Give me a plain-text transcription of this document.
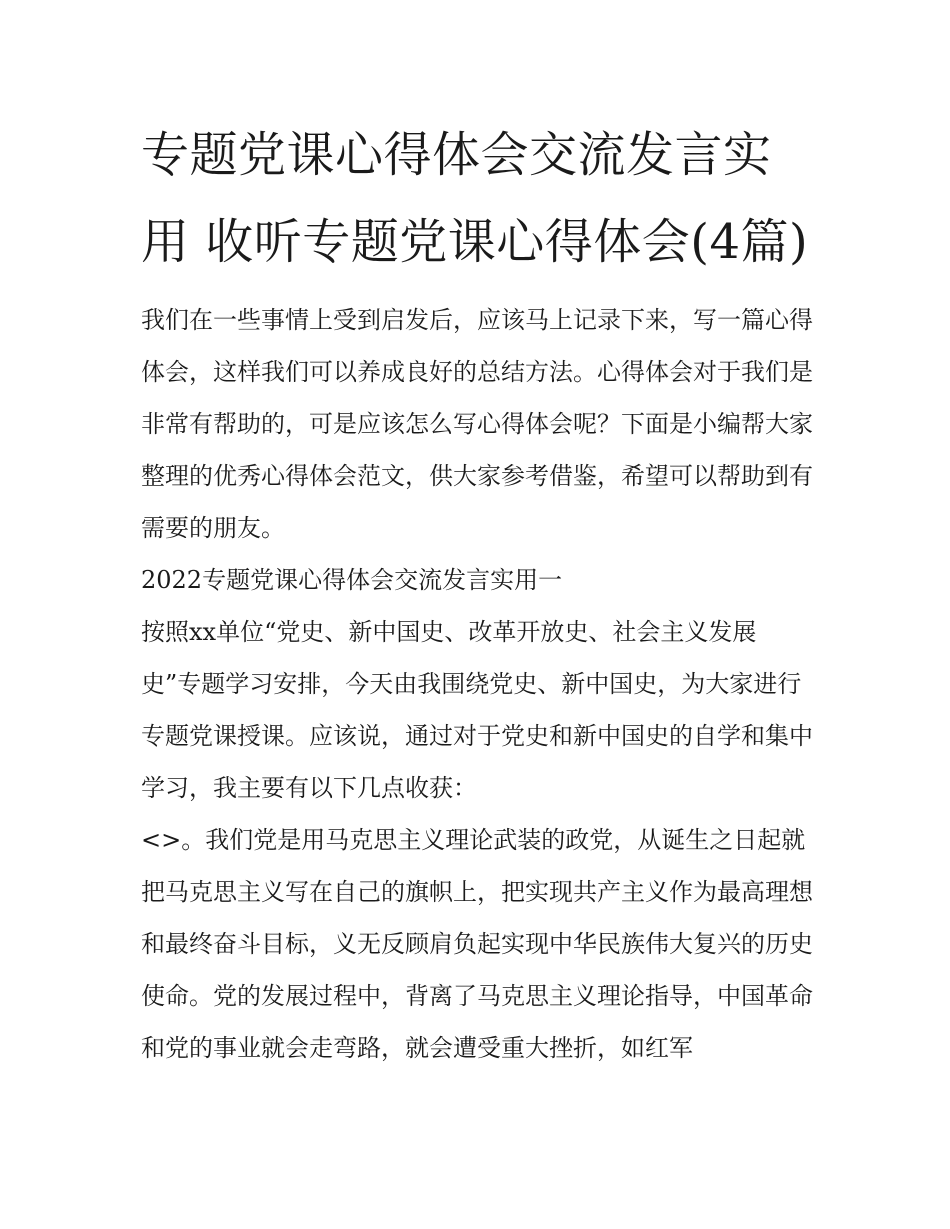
专题党课心得体会交流发言实用 收听专题党课心得体会(4篇)

我们在一些事情上受到启发后，应该马上记录下来，写一篇心得体会，这样我们可以养成良好的总结方法。心得体会对于我们是非常有帮助的，可是应该怎么写心得体会呢？下面是小编帮大家整理的优秀心得体会范文，供大家参考借鉴，希望可以帮助到有需要的朋友。

2022专题党课心得体会交流发言实用一

按照xx单位“党史、新中国史、改革开放史、社会主义发展史”专题学习安排，今天由我围绕党史、新中国史，为大家进行专题党课授课。应该说，通过对于党史和新中国史的自学和集中学习，我主要有以下几点收获：

<>。我们党是用马克思主义理论武装的政党，从诞生之日起就把马克思主义写在自己的旗帜上，把实现共产主义作为最高理想和最终奋斗目标，义无反顾肩负起实现中华民族伟大复兴的历史使命。党的发展过程中，背离了马克思主义理论指导，中国革命和党的事业就会走弯路，就会遭受重大挫折，如红军
